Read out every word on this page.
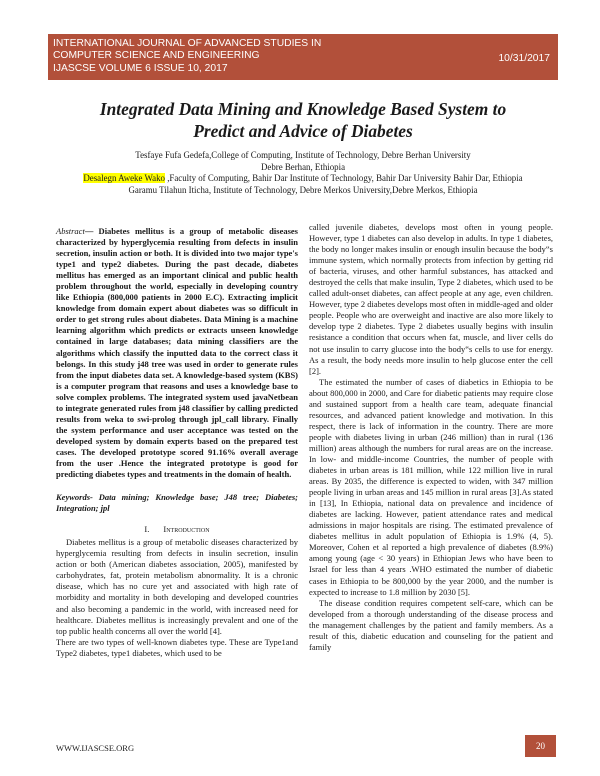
INTERNATIONAL JOURNAL OF ADVANCED STUDIES IN
COMPUTER SCIENCE AND ENGINEERING
IJASCSE VOLUME 6 ISSUE 10, 2017
10/31/2017
Integrated Data Mining and Knowledge Based System to
Predict and Advice of Diabetes
Tesfaye Fufa Gedefa,College of Computing, Institute of Technology, Debre Berhan University
Debre Berhan, Ethiopia
Desalegn Aweke Wako ,Faculty of Computing, Bahir Dar Institute of Technology, Bahir Dar University Bahir Dar, Ethiopia
Garamu Tilahun Iticha, Institute of Technology, Debre Merkos University,Debre Merkos, Ethiopia

Abstract— Diabetes mellitus is a group of metabolic diseases characterized by hyperglycemia resulting from defects in insulin secretion, insulin action or both. It is divided into two major type's type1 and type2 diabetes. During the past decade, diabetes mellitus has emerged as an important clinical and public health problem throughout the world, especially in developing country like Ethiopia (800,000 patients in 2000 E.C). Extracting implicit knowledge from domain expert about diabetes was so difficult in order to get strong rules about diabetes. Data Mining is a machine learning algorithm which predicts or extracts unseen knowledge contained in large databases; data mining classifiers are the algorithms which classify the inputted data to the correct class it belongs. In this study j48 tree was used in order to generate rules from the input diabetes data set. A knowledge-based system (KBS) is a computer program that reasons and uses a knowledge base to solve complex problems. The integrated system used javaNetbean to integrate generated rules from j48 classifier by calling predicted results from weka to swi-prolog through jpl_call library. Finally the system performance and user acceptance was tested on the developed system by domain experts based on the prepared test cases. The developed prototype scored 91.16% overall average from the user .Hence the integrated prototype is good for predicting diabetes types and treatments in the domain of health.

Keywords- Data mining; Knowledge base; J48 tree; Diabetes; Integration; jpl

I. Introduction

Diabetes mellitus is a group of metabolic diseases characterized by hyperglycemia resulting from defects in insulin secretion, insulin action or both (American diabetes association, 2005), manifested by carbohydrates, fat, protein metabolism abnormality. It is a chronic disease, which has no cure yet and associated with high rate of morbidity and mortality in both developing and developed countries and also becoming a pandemic in the world, with increased need for healthcare. Diabetes mellitus is increasingly prevalent and one of the top public health concerns all over the world [4].

There are two types of well-known diabetes type. These are Type1and Type2 diabetes, type1 diabetes, which used to be

called juvenile diabetes, develops most often in young people. However, type 1 diabetes can also develop in adults. In type 1 diabetes, the body no longer makes insulin or enough insulin because the body‟s immune system, which normally protects from infection by getting rid of bacteria, viruses, and other harmful substances, has attacked and destroyed the cells that make insulin, Type 2 diabetes, which used to be called adult-onset diabetes, can affect people at any age, even children. However, type 2 diabetes develops most often in middle-aged and older people. People who are overweight and inactive are also more likely to develop type 2 diabetes. Type 2 diabetes usually begins with insulin resistance a condition that occurs when fat, muscle, and liver cells do not use insulin to carry glucose into the body‟s cells to use for energy. As a result, the body needs more insulin to help glucose enter the cell [2].

The estimated the number of cases of diabetics in Ethiopia to be about 800,000 in 2000, and Care for diabetic patients may require close and sustained support from a health care team, adequate financial resources, and advanced patient knowledge and motivation. In this respect, there is lack of information in the country. There are more people with diabetes living in urban (246 million) than in rural (136 million) areas although the numbers for rural areas are on the increase. In low- and middle-income Countries, the number of people with diabetes in urban areas is 181 million, while 122 million live in rural areas. By 2035, the difference is expected to widen, with 347 million people living in urban areas and 145 million in rural areas [3].As stated in [13], In Ethiopia, national data on prevalence and incidence of diabetes are lacking. However, patient attendance rates and medical admissions in major hospitals are rising. The estimated prevalence of diabetes mellitus in adult population of Ethiopia is 1.9% (4, 5). Moreover, Cohen et al reported a high prevalence of diabetes (8.9%) among young (age < 30 years) in Ethiopian Jews who have been to Israel for less than 4 years .WHO estimated the number of diabetic cases in Ethiopia to be 800,000 by the year 2000, and the number is expected to increase to 1.8 million by 2030 [5].

The disease condition requires competent self-care, which can be developed from a thorough understanding of the disease process and the management challenges by the patient and family members. As a result of this, diabetic education and counseling for the patient and family

WWW.IJASCSE.ORG	20
